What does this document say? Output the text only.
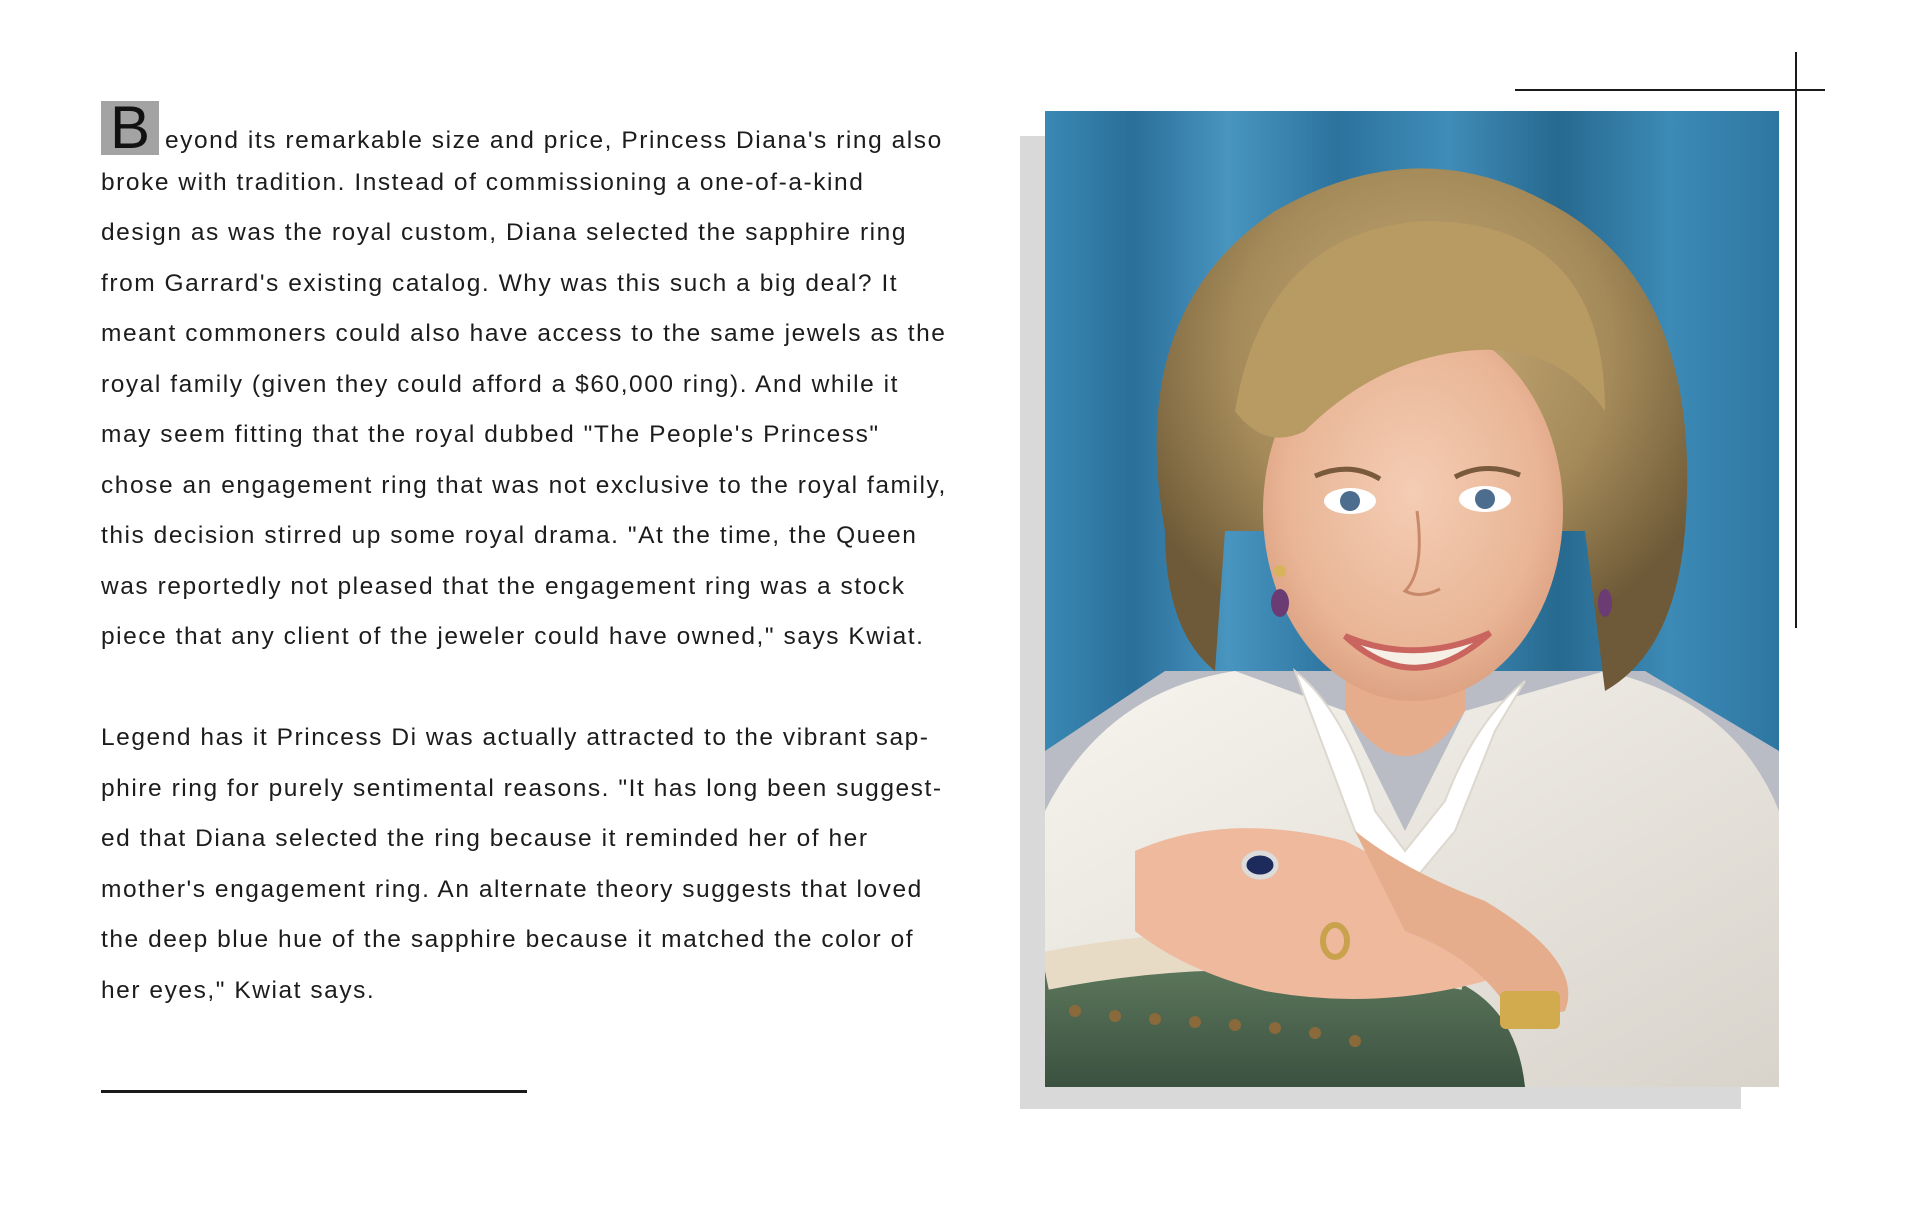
B eyond its remarkable size and price, Princess Diana's ring also
broke with tradition. Instead of commissioning a one-of-a-kind
design as was the royal custom, Diana selected the sapphire ring
from Garrard's existing catalog. Why was this such a big deal? It
meant commoners could also have access to the same jewels as the
royal family (given they could afford a $60,000 ring). And while it
may seem fitting that the royal dubbed "The People's Princess"
chose an engagement ring that was not exclusive to the royal family,
this decision stirred up some royal drama. "At the time, the Queen
was reportedly not pleased that the engagement ring was a stock
piece that any client of the jeweler could have owned," says Kwiat.
Legend has it Princess Di was actually attracted to the vibrant sap-
phire ring for purely sentimental reasons. "It has long been suggest-
ed that Diana selected the ring because it reminded her of her
mother's engagement ring. An alternate theory suggests that loved
the deep blue hue of the sapphire because it matched the color of
her eyes," Kwiat says.
